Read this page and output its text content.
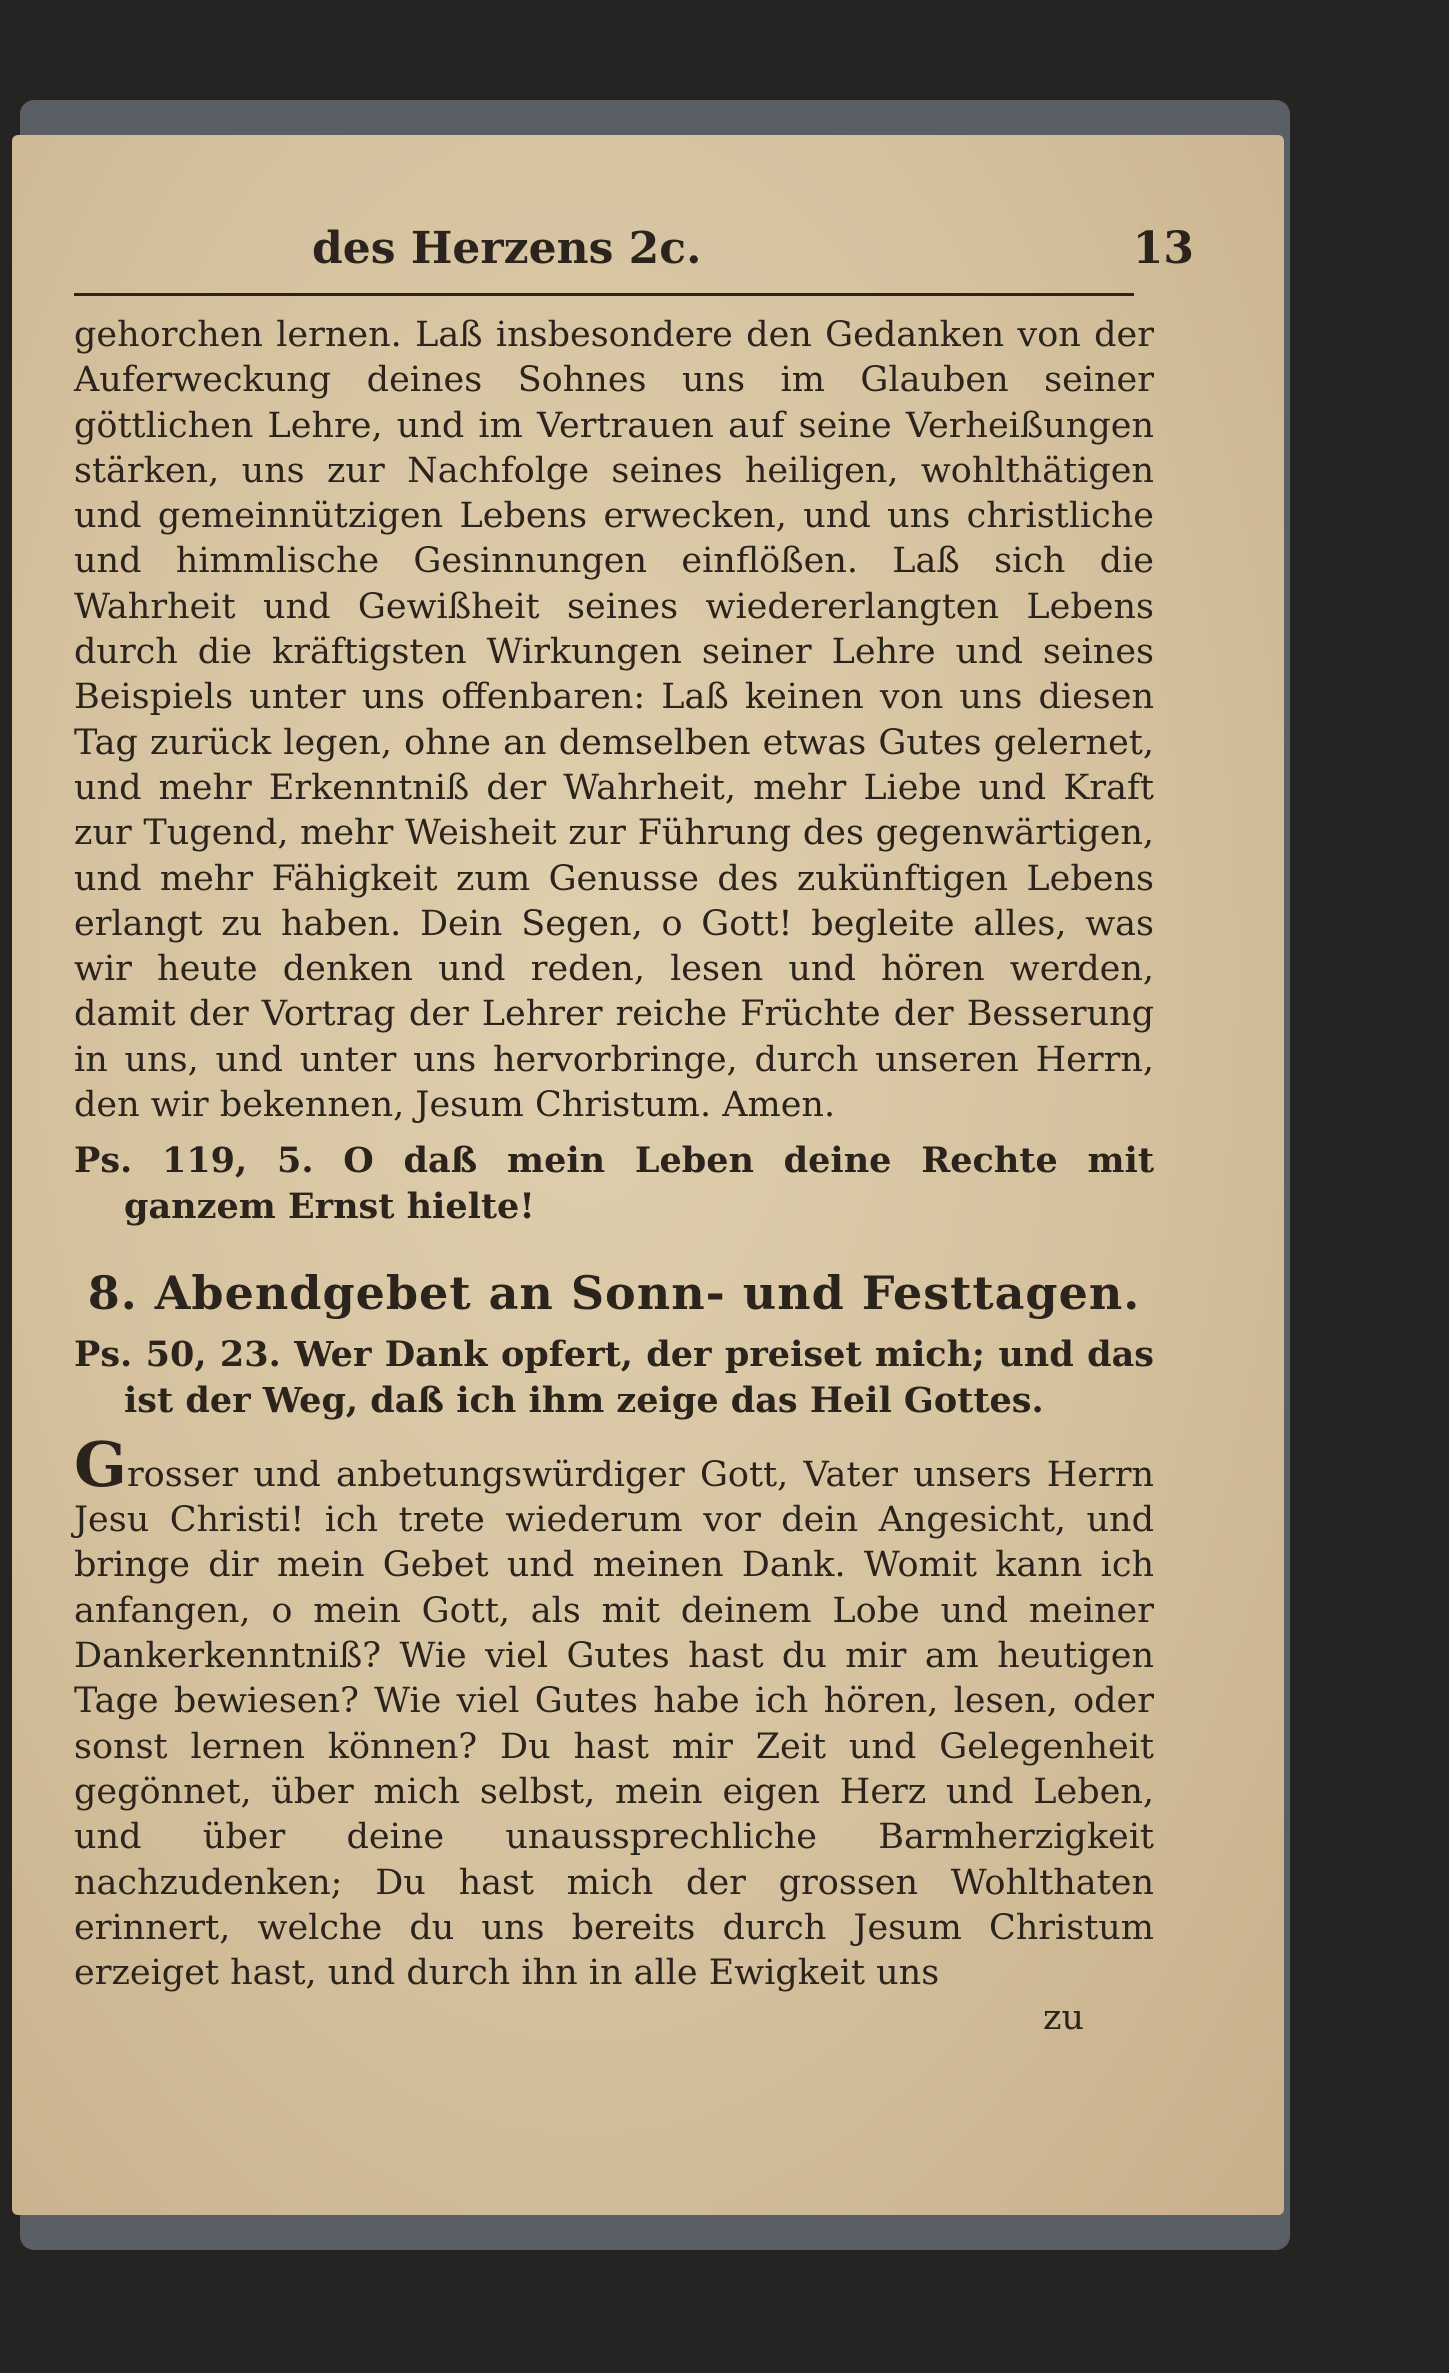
des Herzens 2c.	13

gehorchen lernen. Laß insbesondere den Gedanken von der Auferweckung deines Sohnes uns im Glauben seiner göttlichen Lehre, und im Vertrauen auf seine Verheißungen stärken, uns zur Nachfolge seines heiligen, wohlthätigen und gemeinnützigen Lebens erwecken, und uns christliche und himmlische Gesinnungen einflößen. Laß sich die Wahrheit und Gewißheit seines wiedererlangten Lebens durch die kräftigsten Wirkungen seiner Lehre und seines Beispiels unter uns offenbaren: Laß keinen von uns diesen Tag zurück legen, ohne an demselben etwas Gutes gelernet, und mehr Erkenntniß der Wahrheit, mehr Liebe und Kraft zur Tugend, mehr Weisheit zur Führung des gegenwärtigen, und mehr Fähigkeit zum Genusse des zukünftigen Lebens erlangt zu haben. Dein Segen, o Gott! begleite alles, was wir heute denken und reden, lesen und hören werden, damit der Vortrag der Lehrer reiche Früchte der Besserung in uns, und unter uns hervorbringe, durch unseren Herrn, den wir bekennen, Jesum Christum. Amen.

Ps. 119, 5. O daß mein Leben deine Rechte mit ganzem Ernst hielte!

8. Abendgebet an Sonn- und Festtagen.

Ps. 50, 23. Wer Dank opfert, der preiset mich; und das ist der Weg, daß ich ihm zeige das Heil Gottes.

Grosser und anbetungswürdiger Gott, Vater unsers Herrn Jesu Christi! ich trete wiederum vor dein Angesicht, und bringe dir mein Gebet und meinen Dank. Womit kann ich anfangen, o mein Gott, als mit deinem Lobe und meiner Dankerkenntniß? Wie viel Gutes hast du mir am heutigen Tage bewiesen? Wie viel Gutes habe ich hören, lesen, oder sonst lernen können? Du hast mir Zeit und Gelegenheit gegönnet, über mich selbst, mein eigen Herz und Leben, und über deine unaussprechliche Barmherzigkeit nachzudenken; Du hast mich der grossen Wohlthaten erinnert, welche du uns bereits durch Jesum Christum erzeiget hast, und durch ihn in alle Ewigkeit uns

zu
